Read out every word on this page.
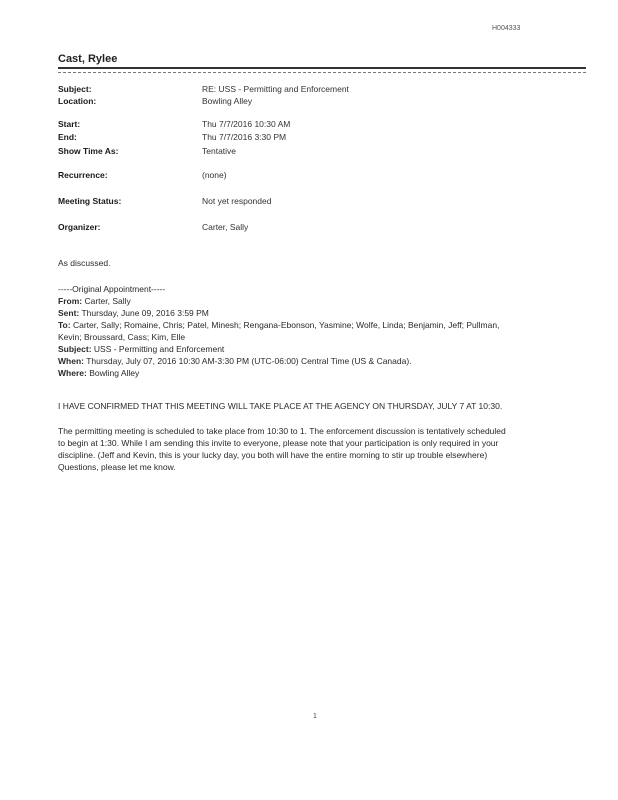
H004333
Cast, Rylee
Subject:	RE: USS - Permitting and Enforcement
Location:	Bowling Alley
Start:	Thu 7/7/2016 10:30 AM
End:	Thu 7/7/2016 3:30 PM
Show Time As:	Tentative
Recurrence:	(none)
Meeting Status:	Not yet responded
Organizer:	Carter, Sally
As discussed.
-----Original Appointment-----
From: Carter, Sally
Sent: Thursday, June 09, 2016 3:59 PM
To: Carter, Sally; Romaine, Chris; Patel, Minesh; Rengana-Ebonson, Yasmine; Wolfe, Linda; Benjamin, Jeff; Pullman,
Kevin; Broussard, Cass; Kim, Elle
Subject: USS - Permitting and Enforcement
When: Thursday, July 07, 2016 10:30 AM-3:30 PM (UTC-06:00) Central Time (US & Canada).
Where: Bowling Alley
I HAVE CONFIRMED THAT THIS MEETING WILL TAKE PLACE AT THE AGENCY ON THURSDAY, JULY 7 AT 10:30.
The permitting meeting is scheduled to take place from 10:30 to 1. The enforcement discussion is tentatively scheduled
to begin at 1:30. While I am sending this invite to everyone, please note that your participation is only required in your
discipline. (Jeff and Kevin, this is your lucky day, you both will have the entire morning to stir up trouble elsewhere)
Questions, please let me know.
1
